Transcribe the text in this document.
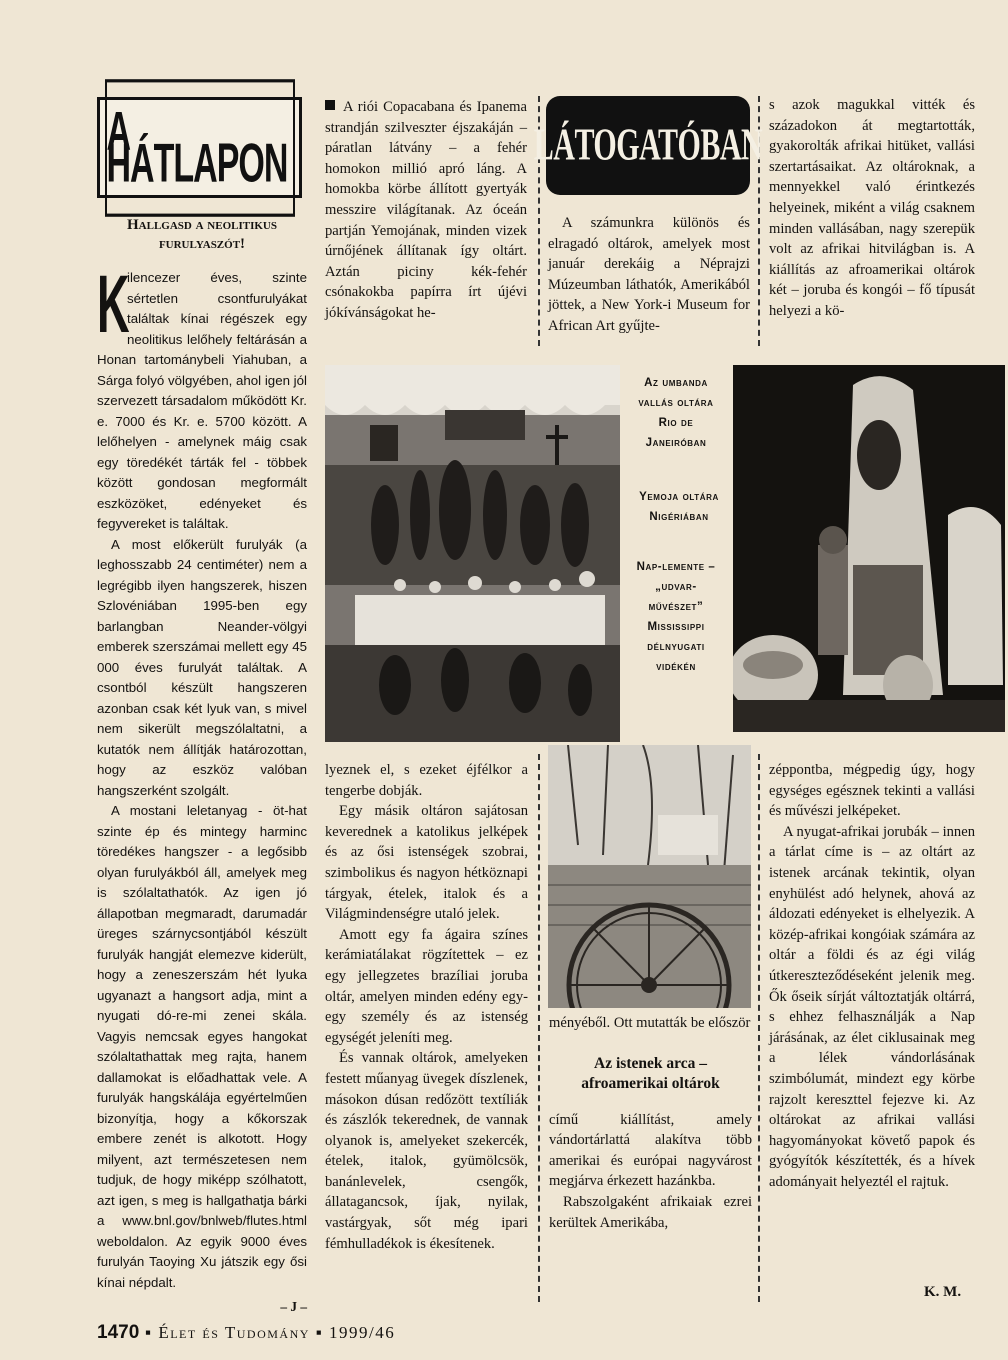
A HÁTLAPON
Hallgasd a neolitikus furulyaszót!

K
ilencezer éves, szinte sértetlen csontfurulyákat találtak kínai régészek egy neolitikus lelőhely feltárásán a Honan tartománybeli Yiahuban, a Sárga folyó völgyében, ahol igen jól szervezett társadalom működött Kr. e. 7000 és Kr. e. 5700 között. A lelőhelyen - amelynek máig csak egy töredékét tárták fel - többek között gondosan megformált eszközöket, edényeket és fegyvereket is találtak.

A most előkerült furulyák (a leghosszabb 24 centiméter) nem a legrégibb ilyen hangszerek, hiszen Szlovéniában 1995-ben egy barlangban Neander-völgyi emberek szerszámai mellett egy 45 000 éves furulyát találtak. A csontból készült hangszeren azonban csak két lyuk van, s mivel nem sikerült megszólaltatni, a kutatók nem állítják határozottan, hogy az eszköz valóban hangszerként szolgált.

A mostani leletanyag - öt-hat szinte ép és mintegy harminc töredékes hangszer - a legősibb olyan furulyákból áll, amelyek meg is szólaltathatók. Az igen jó állapotban megmaradt, darumadár üreges szárnycsontjából készült furulyák hangját elemezve kiderült, hogy a zeneszerszám hét lyuka ugyanazt a hangsort adja, mint a nyugati dó-re-mi zenei skála. Vagyis nemcsak egyes hangokat szólaltathattak meg rajta, hanem dallamokat is előadhattak vele. A furulyák hangskálája egyértelműen bizonyítja, hogy a kőkorszak embere zenét is alkotott. Hogy milyent, azt természetesen nem tudjuk, de hogy miképp szólhatott, azt igen, s meg is hallgathatja bárki a www.bnl.gov/bnlweb/flutes.html weboldalon. Az egyik 9000 éves furulyán Taoying Xu játszik egy ősi kínai népdalt.

– J –

A riói Copacabana és Ipanema strandján szilveszter éjszakáján – páratlan látvány – a fehér homokon millió apró láng. A homokba körbe állított gyertyák messzire világítanak. Az óceán partján Yemojának, minden vizek úrnőjének állítanak így oltárt. Aztán piciny kék-fehér csónakokba papírra írt újévi jókívánságokat he-

LÁTOGATÓBAN

A számunkra különös és elragadó oltárok, amelyek most január derekáig a Néprajzi Múzeumban láthatók, Amerikából jöttek, a New York-i Museum for African Art gyűjte-

s azok magukkal vitték és századokon át megtartották, gyakorolták afrikai hitüket, vallási szertartásaikat. Az oltároknak, a mennyekkel való érintkezés helyeinek, miként a világ csaknem minden vallásában, nagy szerepük volt az afrikai hitvilágban is. A kiállítás az afroamerikai oltárok két – joruba és kongói – fő típusát helyezi a kö-

Az umbanda vallás oltára Rio de Janeiróban
Yemoja oltára Nigériában
Nap-lemente – „udvar-művészet” Mississippi délnyugati vidékén

lyeznek el, s ezeket éjfélkor a tengerbe dobják.

Egy másik oltáron sajátosan keverednek a katolikus jelképek és az ősi istenségek szobrai, szimbolikus és nagyon hétköznapi tárgyak, ételek, italok és a Világmindenségre utaló jelek.

Amott egy fa ágaira színes kerámiatálakat rögzítettek – ez egy jellegzetes brazíliai joruba oltár, amelyen minden edény egy-egy személy és az istenség egységét jeleníti meg.

És vannak oltárok, amelyeken festett műanyag üvegek díszlenek, másokon dúsan redőzött textíliák és zászlók tekerednek, de vannak olyanok is, amelyeket szekercék, ételek, italok, gyümölcsök, banánlevelek, csengők, állatagancsok, íjak, nyilak, vastárgyak, sőt még ipari fémhulladékok is ékesítenek.

ményéből. Ott mutatták be először

Az istenek arca – afroamerikai oltárok

című kiállítást, amely vándortárlattá alakítva több amerikai és európai nagyvárost megjárva érkezett hazánkba.

Rabszolgaként afrikaiak ezrei kerültek Amerikába,

zéppontba, mégpedig úgy, hogy egységes egésznek tekinti a vallási és művészi jelképeket.

A nyugat-afrikai jorubák – innen a tárlat címe is – az oltárt az istenek arcának tekintik, olyan enyhülést adó helynek, ahová az áldozati edényeket is elhelyezik. A közép-afrikai kongóiak számára az oltár a földi és az égi világ útkereszteződéseként jelenik meg. Ők őseik sírját változtatják oltárrá, s ehhez felhasználják a Nap járásának, az élet ciklusainak meg a lélek vándorlásának szimbólumát, mindezt egy körbe rajzolt kereszttel fejezve ki. Az oltárokat az afrikai vallási hagyományokat követő papok és gyógyítók készítették, és a hívek adományait helyeztél el rajtuk.

K. M.
1470 ▪ Élet és Tudomány ▪ 1999/46
